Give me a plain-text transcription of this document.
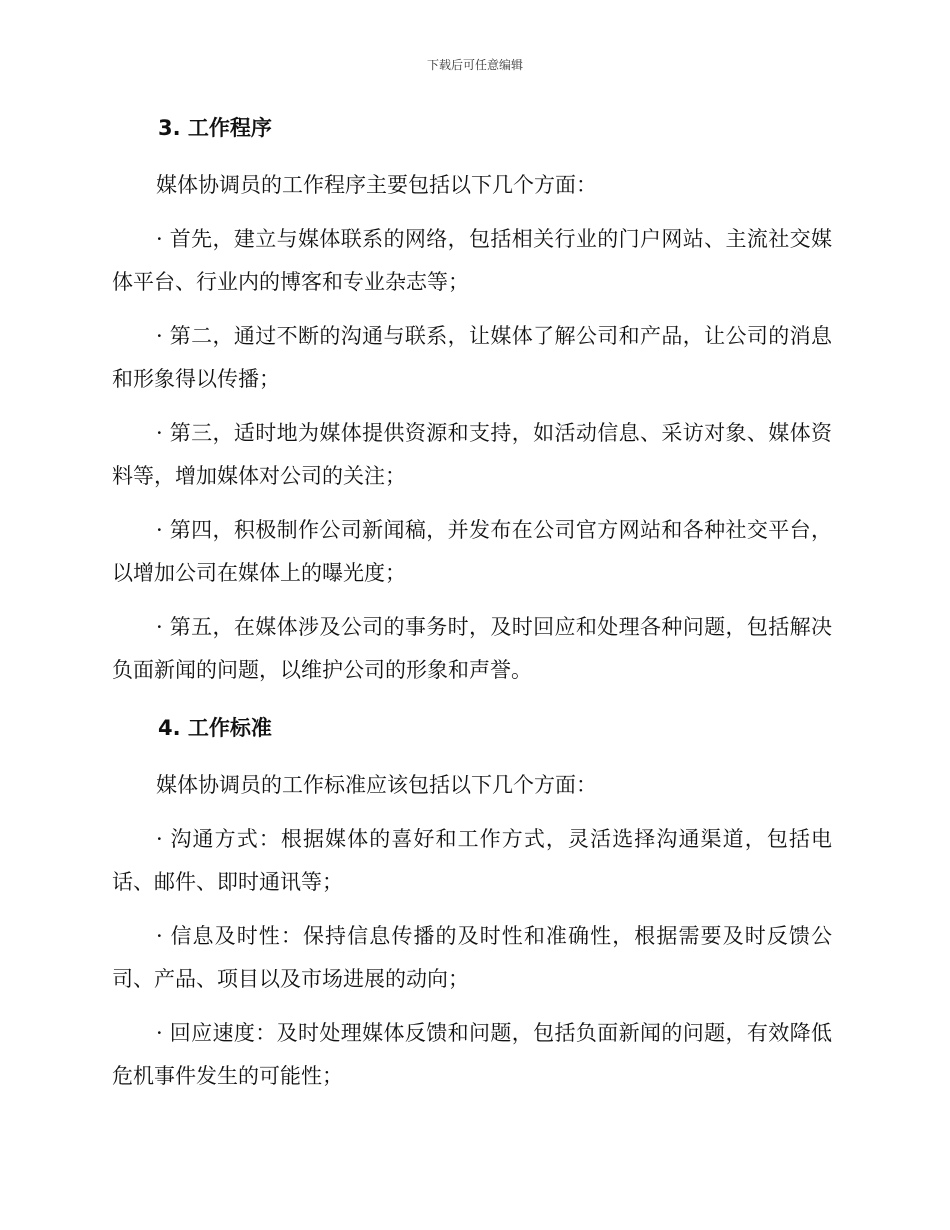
下载后可任意编辑
3. 工作程序

媒体协调员的工作程序主要包括以下几个方面：

· 首先，建立与媒体联系的网络，包括相关行业的门户网站、主流社交媒体平台、行业内的博客和专业杂志等；

· 第二，通过不断的沟通与联系，让媒体了解公司和产品，让公司的消息和形象得以传播；

· 第三，适时地为媒体提供资源和支持，如活动信息、采访对象、媒体资料等，增加媒体对公司的关注；

· 第四，积极制作公司新闻稿，并发布在公司官方网站和各种社交平台，以增加公司在媒体上的曝光度；

· 第五，在媒体涉及公司的事务时，及时回应和处理各种问题，包括解决负面新闻的问题，以维护公司的形象和声誉。

4. 工作标准

媒体协调员的工作标准应该包括以下几个方面：

· 沟通方式：根据媒体的喜好和工作方式，灵活选择沟通渠道，包括电话、邮件、即时通讯等；

· 信息及时性：保持信息传播的及时性和准确性，根据需要及时反馈公司、产品、项目以及市场进展的动向；

· 回应速度：及时处理媒体反馈和问题，包括负面新闻的问题，有效降低危机事件发生的可能性；
